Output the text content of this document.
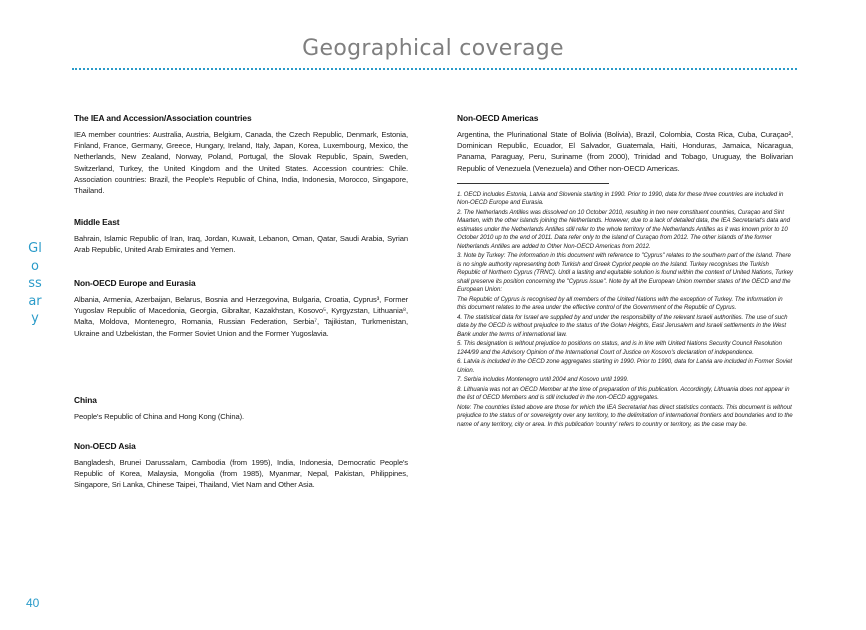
Geographical coverage
Glossary
40
The IEA and Accession/Association countries

IEA member countries: Australia, Austria, Belgium, Canada, the Czech Republic, Denmark, Estonia, Finland, France, Germany, Greece, Hungary, Ireland, Italy, Japan, Korea, Luxembourg, Mexico, the Netherlands, New Zealand, Norway, Poland, Portugal, the Slovak Republic, Spain, Sweden, Switzerland, Turkey, the United Kingdom and the United States. Accession countries: Chile. Association countries: Brazil, the People's Republic of China, India, Indonesia, Morocco, Singapore, Thailand.

Middle East

Bahrain, Islamic Republic of Iran, Iraq, Jordan, Kuwait, Lebanon, Oman, Qatar, Saudi Arabia, Syrian Arab Republic, United Arab Emirates and Yemen.

Non-OECD Europe and Eurasia

Albania, Armenia, Azerbaijan, Belarus, Bosnia and Herzegovina, Bulgaria, Croatia, Cyprus³, Former Yugoslav Republic of Macedonia, Georgia, Gibraltar, Kazakhstan, Kosovo⁵, Kyrgyzstan, Lithuania⁸, Malta, Moldova, Montenegro, Romania, Russian Federation, Serbia⁷, Tajikistan, Turkmenistan, Ukraine and Uzbekistan, the Former Soviet Union and the Former Yugoslavia.

China

People's Republic of China and Hong Kong (China).

Non-OECD Asia

Bangladesh, Brunei Darussalam, Cambodia (from 1995), India, Indonesia, Democratic People's Republic of Korea, Malaysia, Mongolia (from 1985), Myanmar, Nepal, Pakistan, Philippines, Singapore, Sri Lanka, Chinese Taipei, Thailand, Viet Nam and Other Asia.

Non-OECD Americas

Argentina, the Plurinational State of Bolivia (Bolivia), Brazil, Colombia, Costa Rica, Cuba, Curaçao², Dominican Republic, Ecuador, El Salvador, Guatemala, Haiti, Honduras, Jamaica, Nicaragua, Panama, Paraguay, Peru, Suriname (from 2000), Trinidad and Tobago, Uruguay, the Bolivarian Republic of Venezuela (Venezuela) and Other non-OECD Americas.

1. OECD includes Estonia, Latvia and Slovenia starting in 1990. Prior to 1990, data for these three countries are included in Non-OECD Europe and Eurasia.
2. The Netherlands Antilles was dissolved on 10 October 2010, resulting in two new constituent countries, Curaçao and Sint Maarten, with the other islands joining the Netherlands. However, due to a lack of detailed data, the IEA Secretariat's data and estimates under the Netherlands Antilles still refer to the whole territory of the Netherlands Antilles as it was known prior to 10 October 2010 up to the end of 2011. Data refer only to the island of Curaçao from 2012. The other islands of the former Netherlands Antilles are added to Other Non-OECD Americas from 2012.
3. Note by Turkey: The information in this document with reference to "Cyprus" relates to the southern part of the Island. There is no single authority representing both Turkish and Greek Cypriot people on the Island. Turkey recognises the Turkish Republic of Northern Cyprus (TRNC). Until a lasting and equitable solution is found within the context of United Nations, Turkey shall preserve its position concerning the "Cyprus issue". Note by all the European Union member states of the OECD and the European Union:
The Republic of Cyprus is recognised by all members of the United Nations with the exception of Turkey. The information in this document relates to the area under the effective control of the Government of the Republic of Cyprus.
4. The statistical data for Israel are supplied by and under the responsibility of the relevant Israeli authorities. The use of such data by the OECD is without prejudice to the status of the Golan Heights, East Jerusalem and Israeli settlements in the West Bank under the terms of international law.
5. This designation is without prejudice to positions on status, and is in line with United Nations Security Council Resolution 1244/99 and the Advisory Opinion of the International Court of Justice on Kosovo's declaration of independence.
6. Latvia is included in the OECD zone aggregates starting in 1990. Prior to 1990, data for Latvia are included in Former Soviet Union.
7. Serbia includes Montenegro until 2004 and Kosovo until 1999.
8. Lithuania was not an OECD Member at the time of preparation of this publication. Accordingly, Lithuania does not appear in the list of OECD Members and is still included in the non-OECD aggregates.
Note: The countries listed above are those for which the IEA Secretariat has direct statistics contacts. This document is without prejudice to the status of or sovereignty over any territory, to the delimitation of international frontiers and boundaries and to the name of any territory, city or area. In this publication 'country' refers to country or territory, as the case may be.
